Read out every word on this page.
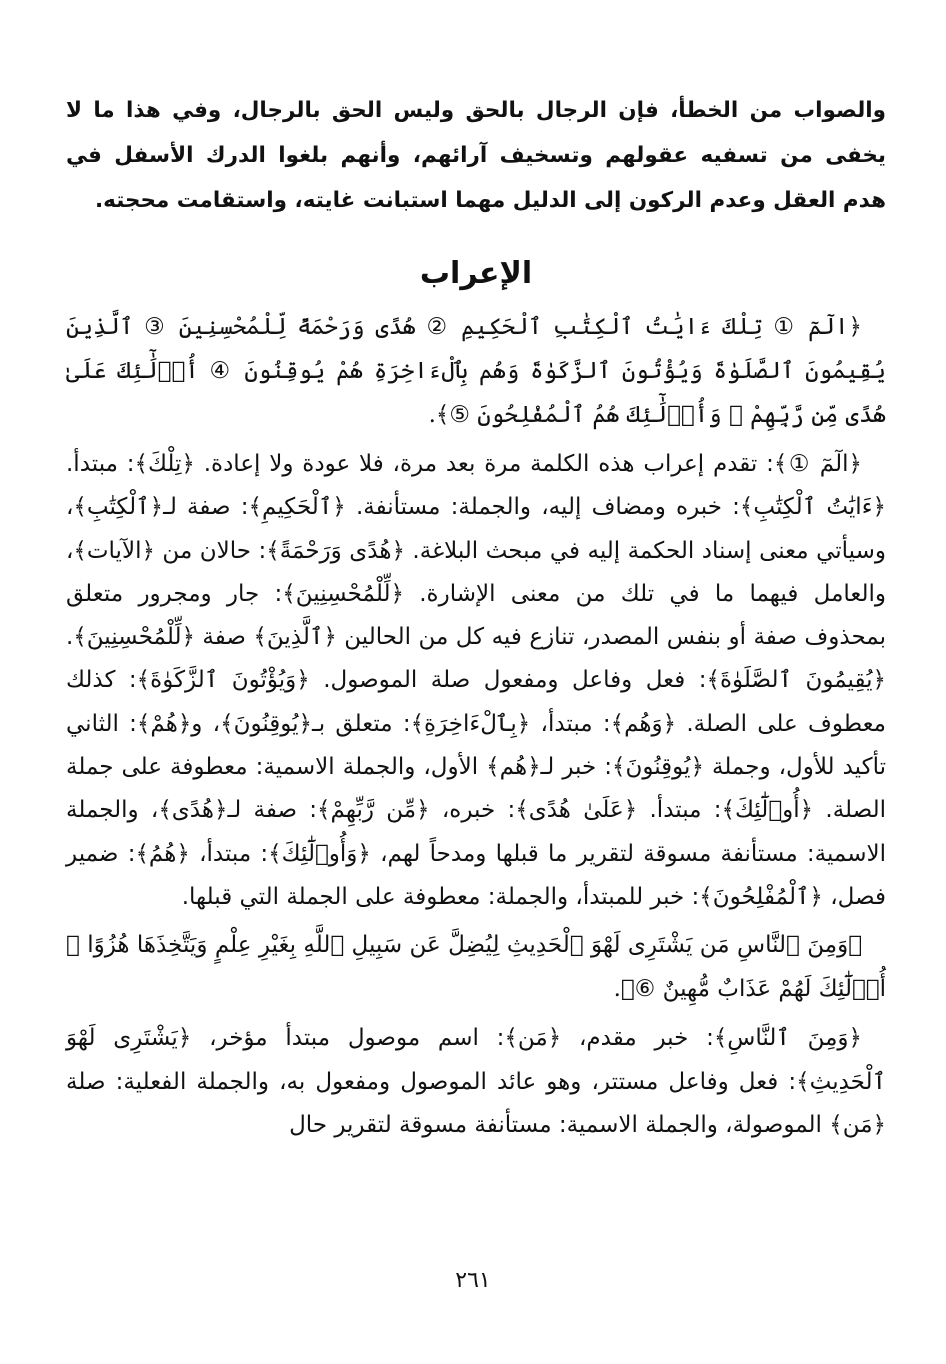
والصواب من الخطأ، فإن الرجال بالحق وليس الحق بالرجال، وفي هذا ما لا يخفى من تسفيه عقولهم وتسخيف آرائهم، وأنهم بلغوا الدرك الأسفل في هدم العقل وعدم الركون إلى الدليل مهما استبانت غايته، واستقامت محجته.

الإعراب

﴿الٓمٓ ① تِلْكَ ءَايَٰتُ ٱلْكِتَٰبِ ٱلْحَكِيمِ ② هُدًى وَرَحْمَةً لِّلْمُحْسِنِينَ ③ ٱلَّذِينَ يُقِيمُونَ ٱلصَّلَوٰةَ وَيُؤْتُونَ ٱلزَّكَوٰةَ وَهُم بِٱلْءَاخِرَةِ هُمْ يُوقِنُونَ ④ أُو۟لَٰٓئِكَ عَلَىٰ هُدًى مِّن رَّبِّهِمْ ۖ وَأُو۟لَٰٓئِكَ هُمُ ٱلْمُفْلِحُونَ ⑤﴾.

﴿الٓمٓ ①﴾: تقدم إعراب هذه الكلمة مرة بعد مرة، فلا عودة ولا إعادة. ﴿تِلْكَ﴾: مبتدأ. ﴿ءَايَٰتُ ٱلْكِتَٰبِ﴾: خبره ومضاف إليه، والجملة: مستأنفة. ﴿ٱلْحَكِيمِ﴾: صفة لـ﴿ٱلْكِتَٰبِ﴾، وسيأتي معنى إسناد الحكمة إليه في مبحث البلاغة. ﴿هُدًى وَرَحْمَةً﴾: حالان من ﴿الآيات﴾، والعامل فيهما ما في تلك من معنى الإشارة. ﴿لِّلْمُحْسِنِينَ﴾: جار ومجرور متعلق بمحذوف صفة أو بنفس المصدر، تنازع فيه كل من الحالين ﴿ٱلَّذِينَ﴾ صفة ﴿لِّلْمُحْسِنِينَ﴾. ﴿يُقِيمُونَ ٱلصَّلَوٰةَ﴾: فعل وفاعل ومفعول صلة الموصول. ﴿وَيُؤْتُونَ ٱلزَّكَوٰةَ﴾: كذلك معطوف على الصلة. ﴿وَهُم﴾: مبتدأ، ﴿بِٱلْءَاخِرَةِ﴾: متعلق بـ﴿يُوقِنُونَ﴾، و﴿هُمْ﴾: الثاني تأكيد للأول، وجملة ﴿يُوقِنُونَ﴾: خبر لـ﴿هُم﴾ الأول، والجملة الاسمية: معطوفة على جملة الصلة. ﴿أُو۟لَٰٓئِكَ﴾: مبتدأ. ﴿عَلَىٰ هُدًى﴾: خبره، ﴿مِّن رَّبِّهِمْ﴾: صفة لـ﴿هُدًى﴾، والجملة الاسمية: مستأنفة مسوقة لتقرير ما قبلها ومدحاً لهم، ﴿وَأُو۟لَٰٓئِكَ﴾: مبتدأ، ﴿هُمُ﴾: ضمير فصل، ﴿ٱلْمُفْلِحُونَ﴾: خبر للمبتدأ، والجملة: معطوفة على الجملة التي قبلها.

﴿وَمِنَ ٱلنَّاسِ مَن يَشْتَرِى لَهْوَ ٱلْحَدِيثِ لِيُضِلَّ عَن سَبِيلِ ٱللَّهِ بِغَيْرِ عِلْمٍ وَيَتَّخِذَهَا هُزُوًا ۚ أُو۟لَٰٓئِكَ لَهُمْ عَذَابٌ مُّهِينٌ ⑥﴾.

﴿وَمِنَ ٱلنَّاسِ﴾: خبر مقدم، ﴿مَن﴾: اسم موصول مبتدأ مؤخر، ﴿يَشْتَرِى لَهْوَ ٱلْحَدِيثِ﴾: فعل وفاعل مستتر، وهو عائد الموصول ومفعول به، والجملة الفعلية: صلة ﴿مَن﴾ الموصولة، والجملة الاسمية: مستأنفة مسوقة لتقرير حال

٢٦١
